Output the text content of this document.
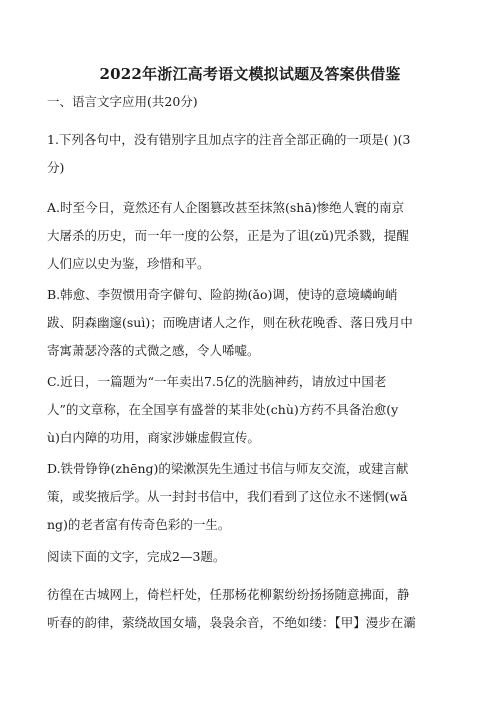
2022年浙江高考语文模拟试题及答案供借鉴
一、语言文字应用(共20分)
1.下列各句中，没有错别字且加点字的注音全部正确的一项是( )(3
分)
A.时至今日，竟然还有人企图篡改甚至抹煞(shā)惨绝人寰的南京
大屠杀的历史，而一年一度的公祭，正是为了诅(zǔ)咒杀戮，提醒
人们应以史为鉴，珍惜和平。
B.韩愈、李贺惯用奇字僻句、险韵拗(ǎo)调，使诗的意境嶙峋峭
跋、阴森幽邃(suì)；而晚唐诸人之作，则在秋花晚香、落日残月中
寄寓萧瑟冷落的式微之感，令人唏嘘。
C.近日，一篇题为“一年卖出7.5亿的洗脑神药，请放过中国老
人”的文章称，在全国享有盛誉的某非处(chù)方药不具备治愈(y
ù)白内障的功用，商家涉嫌虚假宣传。
D.铁骨铮铮(zhēng)的梁漱溟先生通过书信与师友交流，或建言献
策，或奖掖后学。从一封封书信中，我们看到了这位永不迷惘(wǎ
ng)的老者富有传奇色彩的一生。
阅读下面的文字，完成2—3题。
彷徨在古城网上，倚栏杆处，任那杨花柳絮纷纷扬扬随意拂面，静
听春的韵律，萦绕故国女墙，袅袅余音，不绝如缕：【甲】漫步在灞
